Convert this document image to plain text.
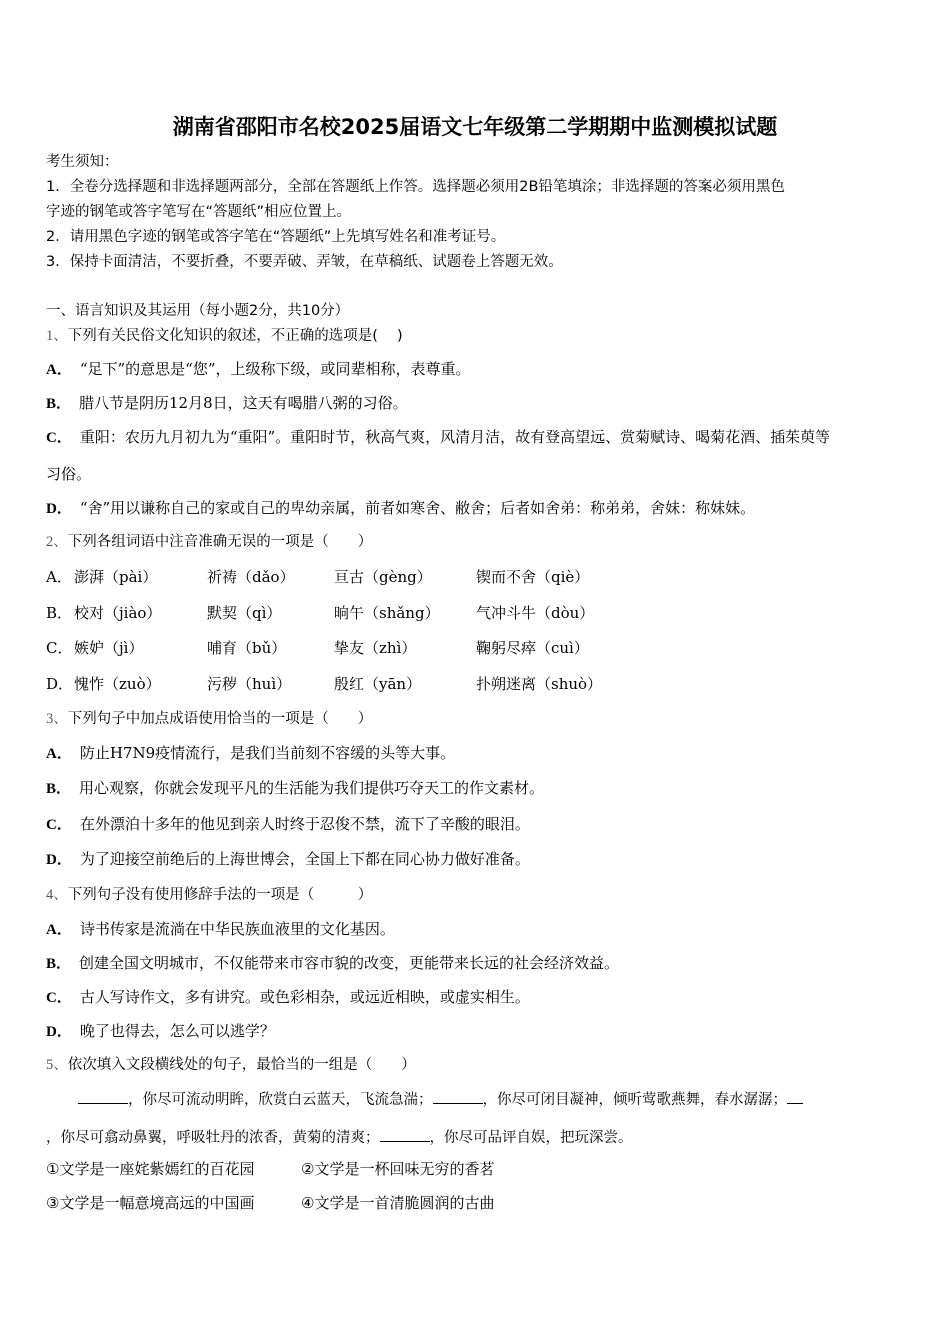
湖南省邵阳市名校2025届语文七年级第二学期期中监测模拟试题
考生须知：
1．全卷分选择题和非选择题两部分，全部在答题纸上作答。选择题必须用2B铅笔填涂；非选择题的答案必须用黑色
字迹的钢笔或答字笔写在“答题纸”相应位置上。
2．请用黑色字迹的钢笔或答字笔在“答题纸”上先填写姓名和准考证号。
3．保持卡面清洁，不要折叠，不要弄破、弄皱，在草稿纸、试题卷上答题无效。
一、语言知识及其运用（每小题2分，共10分）
1、下列有关民俗文化知识的叙述，不正确的选项是(　 )
A． “足下”的意思是“您”，上级称下级，或同辈相称，表尊重。
B． 腊八节是阴历12月8日，这天有喝腊八粥的习俗。
C． 重阳：农历九月初九为“重阳”。重阳时节，秋高气爽，风清月洁，故有登高望远、赏菊赋诗、喝菊花酒、插茱萸等
习俗。
D． “舍”用以谦称自己的家或自己的卑幼亲属，前者如寒舍、敝舍；后者如舍弟：称弟弟，舍妹：称妹妹。
2、下列各组词语中注音准确无误的一项是（　　）
A． 澎湃（pài）	祈祷（dǎo）	亘古（gèng）	锲而不舍（qiè）
B． 校对（jiào）	默契（qì）	晌午（shǎng） 气冲斗牛（dòu）
C． 嫉妒（jì）	哺育（bǔ）	挚友（zhì）	鞠躬尽瘁（cuì）
D． 愧怍（zuò）	污秽（huì）	殷红（yān）	扑朔迷离（shuò）
3、下列句子中加点成语使用恰当的一项是（　　）
A． 防止H7N9疫情流行，是我们当前刻不容缓的头等大事。
B． 用心观察，你就会发现平凡的生活能为我们提供巧夺天工的作文素材。
C． 在外漂泊十多年的他见到亲人时终于忍俊不禁，流下了辛酸的眼泪。
D． 为了迎接空前绝后的上海世博会，全国上下都在同心协力做好准备。
4、下列句子没有使用修辞手法的一项是（　　　）
A． 诗书传家是流淌在中华民族血液里的文化基因。
B． 创建全国文明城市，不仅能带来市容市貌的改变，更能带来长远的社会经济效益。
C． 古人写诗作文，多有讲究。或色彩相杂，或远近相映，或虚实相生。
D． 晚了也得去，怎么可以逃学？
5、依次填入文段横线处的句子，最恰当的一组是（　　）
，你尽可流动明眸，欣赏白云蓝天，飞流急湍；	，你尽可闭目凝神，倾听莺歌燕舞，春水潺潺；
，你尽可翕动鼻翼，呼吸牡丹的浓香，黄菊的清爽；	，你尽可品评自娱，把玩深尝。
①文学是一座姹紫嫣红的百花园	②文学是一杯回味无穷的香茗
③文学是一幅意境高远的中国画	④文学是一首清脆圆润的古曲
